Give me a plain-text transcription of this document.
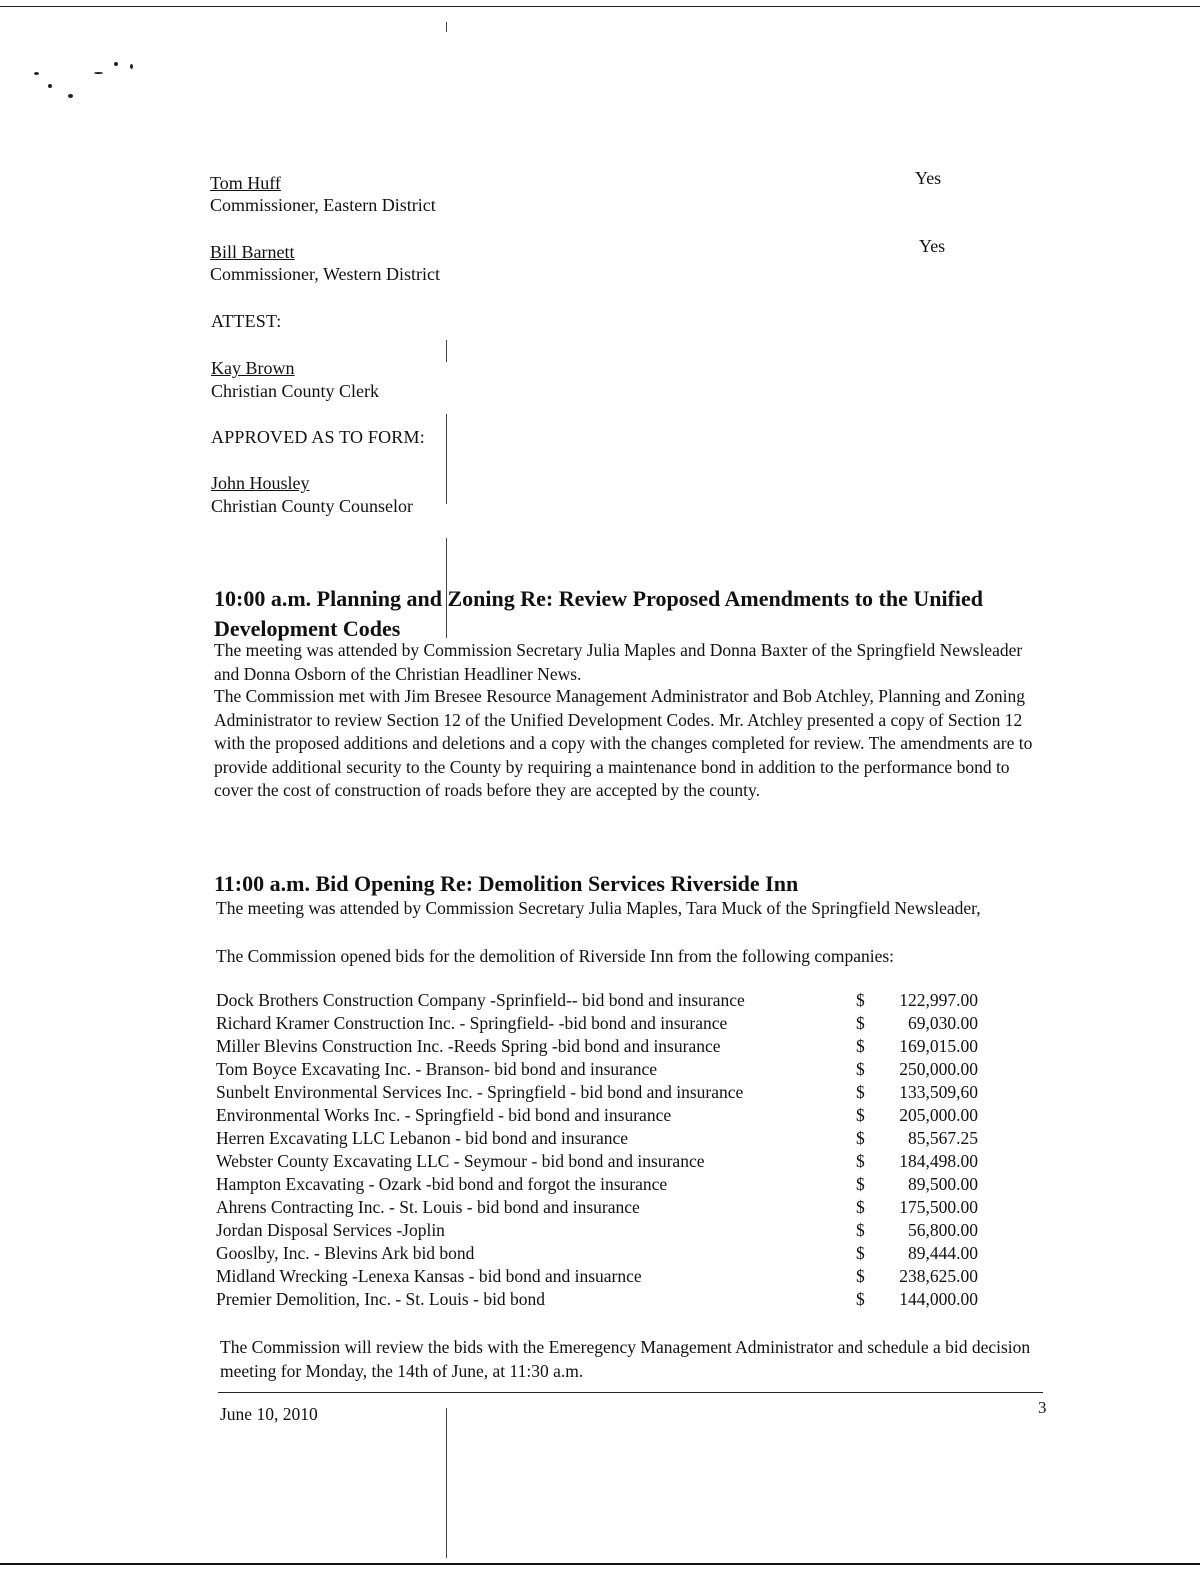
Tom Huff
Commissioner, Eastern District
Yes
Bill Barnett
Commissioner, Western District
Yes
ATTEST:
Kay Brown
Christian County Clerk
APPROVED AS TO FORM:
John Housley
Christian County Counselor
10:00 a.m. Planning and Zoning Re: Review Proposed Amendments to the Unified
Development Codes
The meeting was attended by Commission Secretary Julia Maples and Donna Baxter of the Springfield Newsleader and Donna Osborn of the Christian Headliner News.
The Commission met with Jim Bresee Resource Management Administrator and Bob Atchley, Planning and Zoning Administrator to review Section 12 of the Unified Development Codes. Mr. Atchley presented a copy of Section 12 with the proposed additions and deletions and a copy with the changes completed for review. The amendments are to provide additional security to the County by requiring a maintenance bond in addition to the performance bond to cover the cost of construction of roads before they are accepted by the county.
11:00 a.m. Bid Opening Re: Demolition Services Riverside Inn
The meeting was attended by Commission Secretary Julia Maples, Tara Muck of the Springfield Newsleader,
The Commission opened bids for the demolition of Riverside Inn from the following companies:
Dock Brothers Construction Company -Sprinfield-- bid bond and insurance	$	122,997.00
Richard Kramer Construction Inc. - Springfield- -bid bond and insurance	$	69,030.00
Miller Blevins Construction Inc. -Reeds Spring -bid bond and insurance	$	169,015.00
Tom Boyce Excavating Inc. - Branson- bid bond and insurance	$	250,000.00
Sunbelt Environmental Services Inc. - Springfield - bid bond and insurance	$	133,509,60
Environmental Works Inc. - Springfield - bid bond and insurance	$	205,000.00
Herren Excavating LLC Lebanon - bid bond and insurance	$	85,567.25
Webster County Excavating LLC - Seymour - bid bond and insurance	$	184,498.00
Hampton Excavating - Ozark -bid bond and forgot the insurance	$	89,500.00
Ahrens Contracting Inc. - St. Louis - bid bond and insurance	$	175,500.00
Jordan Disposal Services -Joplin	$	56,800.00
Gooslby, Inc. - Blevins Ark bid bond	$	89,444.00
Midland Wrecking -Lenexa Kansas - bid bond and insuarnce	$	238,625.00
Premier Demolition, Inc. - St. Louis - bid bond	$	144,000.00
The Commission will review the bids with the Emeregency Management Administrator and schedule a bid decision meeting for Monday, the 14th of June, at 11:30 a.m.
June 10, 2010	3
